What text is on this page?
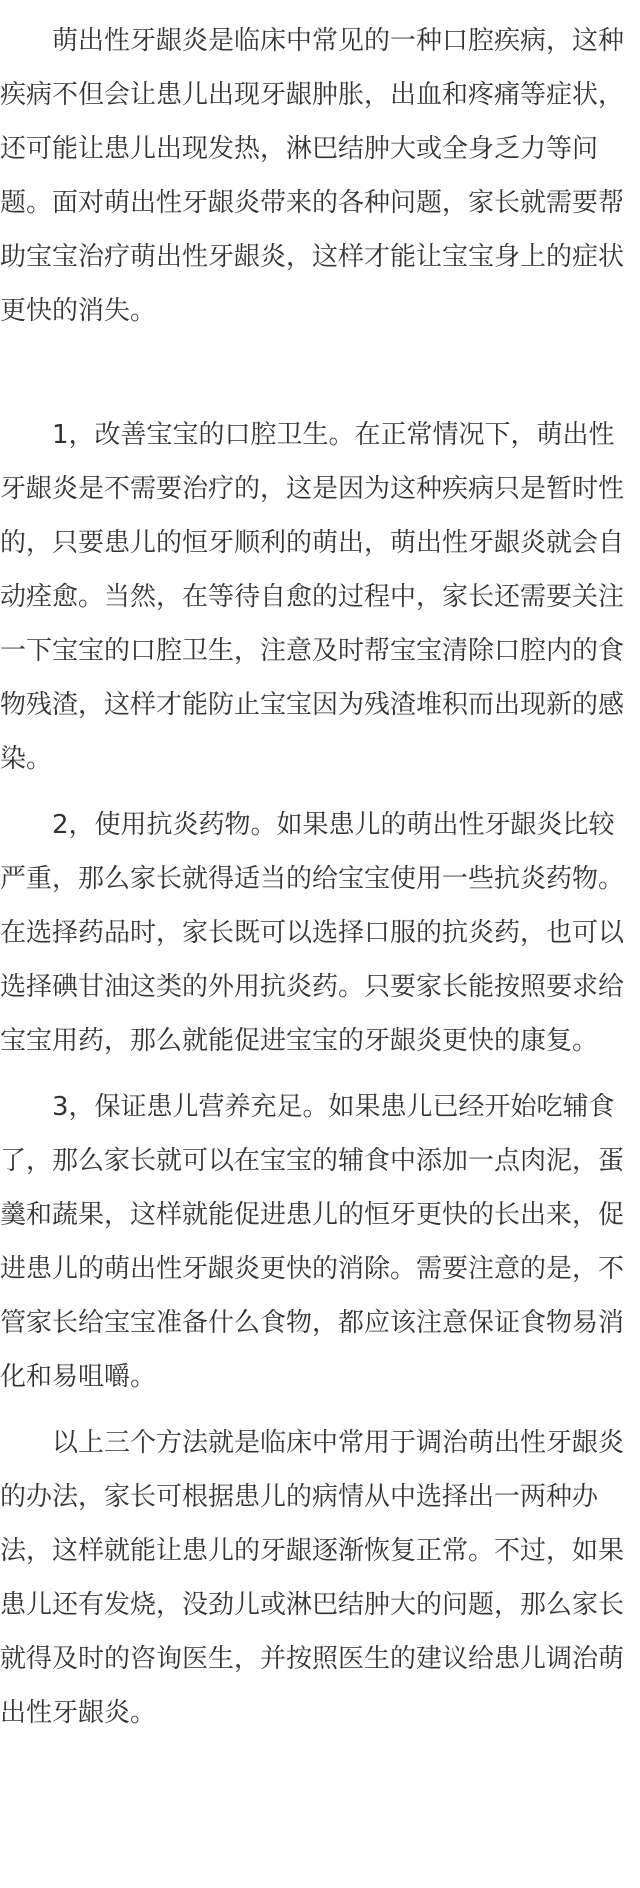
萌出性牙龈炎是临床中常见的一种口腔疾病，这种疾病不但会让患儿出现牙龈肿胀，出血和疼痛等症状，还可能让患儿出现发热，淋巴结肿大或全身乏力等问题。面对萌出性牙龈炎带来的各种问题，家长就需要帮助宝宝治疗萌出性牙龈炎，这样才能让宝宝身上的症状更快的消失。

1，改善宝宝的口腔卫生。在正常情况下，萌出性牙龈炎是不需要治疗的，这是因为这种疾病只是暂时性的，只要患儿的恒牙顺利的萌出，萌出性牙龈炎就会自动痊愈。当然，在等待自愈的过程中，家长还需要关注一下宝宝的口腔卫生，注意及时帮宝宝清除口腔内的食物残渣，这样才能防止宝宝因为残渣堆积而出现新的感染。

2，使用抗炎药物。如果患儿的萌出性牙龈炎比较严重，那么家长就得适当的给宝宝使用一些抗炎药物。在选择药品时，家长既可以选择口服的抗炎药，也可以选择碘甘油这类的外用抗炎药。只要家长能按照要求给宝宝用药，那么就能促进宝宝的牙龈炎更快的康复。

3，保证患儿营养充足。如果患儿已经开始吃辅食了，那么家长就可以在宝宝的辅食中添加一点肉泥，蛋羹和蔬果，这样就能促进患儿的恒牙更快的长出来，促进患儿的萌出性牙龈炎更快的消除。需要注意的是，不管家长给宝宝准备什么食物，都应该注意保证食物易消化和易咀嚼。

以上三个方法就是临床中常用于调治萌出性牙龈炎的办法，家长可根据患儿的病情从中选择出一两种办法，这样就能让患儿的牙龈逐渐恢复正常。不过，如果患儿还有发烧，没劲儿或淋巴结肿大的问题，那么家长就得及时的咨询医生，并按照医生的建议给患儿调治萌出性牙龈炎。
